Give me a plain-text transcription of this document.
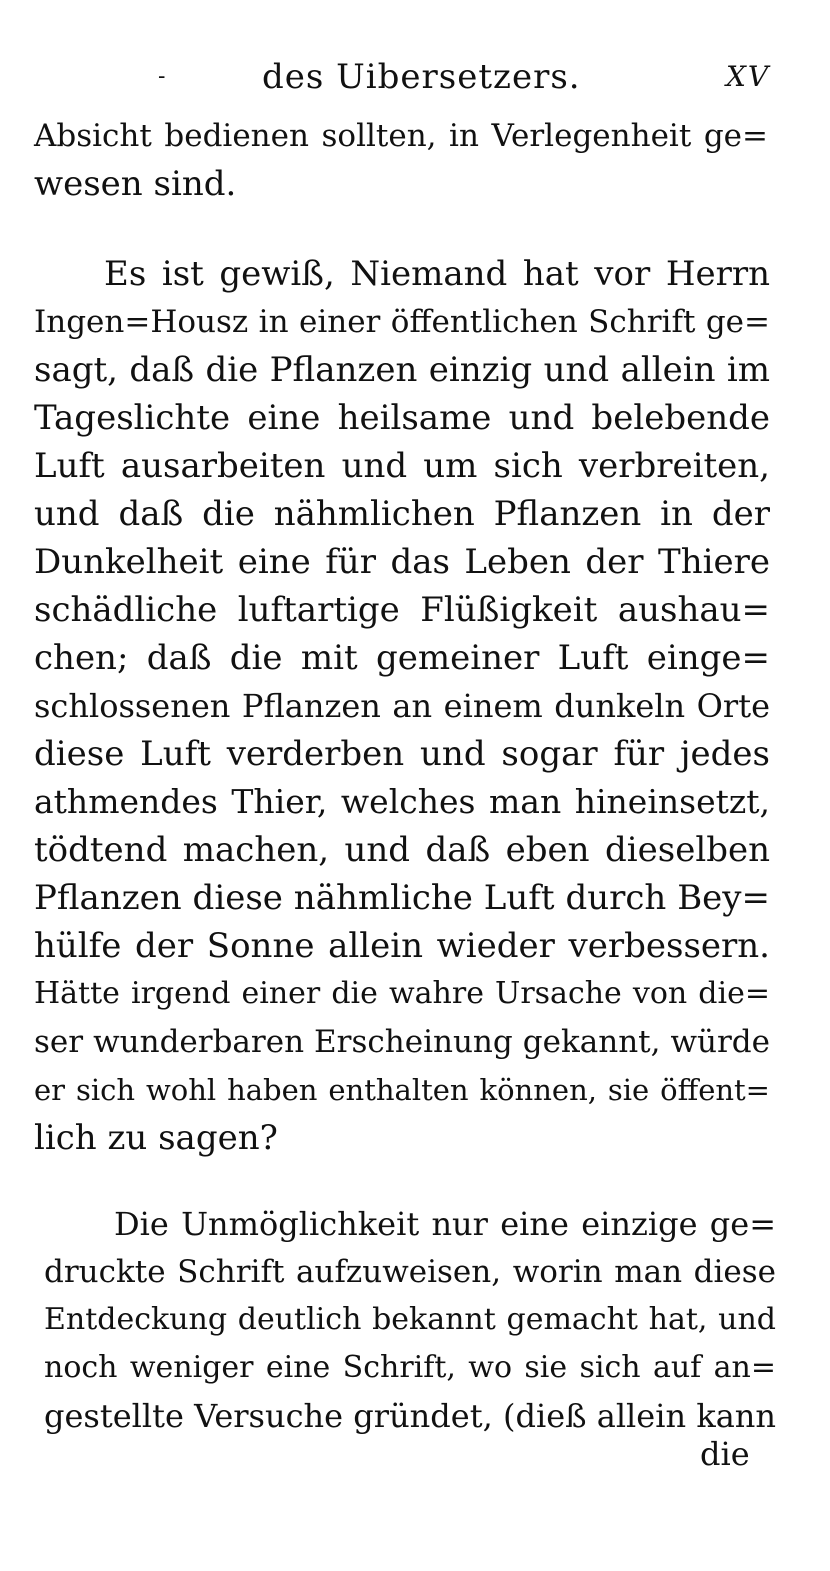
-	des Uibersetzers.	XV
Absicht bedienen sollten, in Verlegenheit ge=
wesen sind.
Es ist gewiß, Niemand hat vor Herrn
Ingen=Housz in einer öffentlichen Schrift ge=
sagt, daß die Pflanzen einzig und allein im
Tageslichte eine heilsame und belebende
Luft ausarbeiten und um sich verbreiten,
und daß die nähmlichen Pflanzen in der
Dunkelheit eine für das Leben der Thiere
schädliche luftartige Flüßigkeit aushau=
chen; daß die mit gemeiner Luft einge=
schlossenen Pflanzen an einem dunkeln Orte
diese Luft verderben und sogar für jedes
athmendes Thier, welches man hineinsetzt,
tödtend machen, und daß eben dieselben
Pflanzen diese nähmliche Luft durch Bey=
hülfe der Sonne allein wieder verbessern.
Hätte irgend einer die wahre Ursache von die=
ser wunderbaren Erscheinung gekannt, würde
er sich wohl haben enthalten können, sie öffent=
lich zu sagen?
Die Unmöglichkeit nur eine einzige ge=
druckte Schrift aufzuweisen, worin man diese
Entdeckung deutlich bekannt gemacht hat, und
noch weniger eine Schrift, wo sie sich auf an=
gestellte Versuche gründet, (dieß allein kann
die
